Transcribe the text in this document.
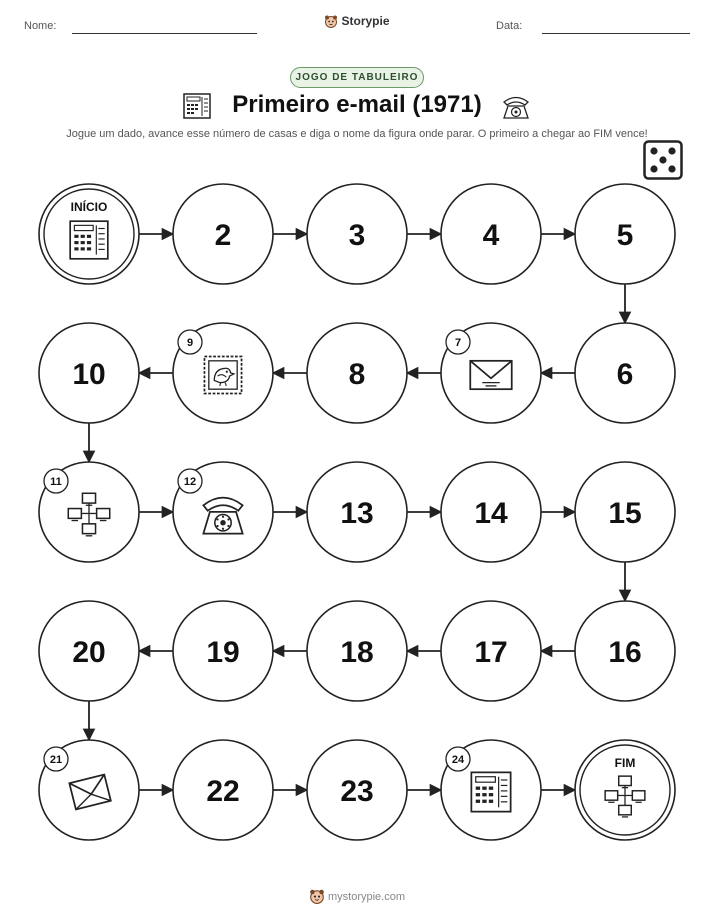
Nome:	Storypie	Data:
JOGO DE TABULEIRO
Primeiro e-mail (1971)
Jogue um dado, avance esse número de casas e diga o nome da figura onde parar. O primeiro a chegar ao FIM vence!
INÍCIO
2	3	4	5
6
7
8
9
10
11	12
13	14	15
16
17
18
19
20
21
22	23
24	FIM
mystorypie.com
